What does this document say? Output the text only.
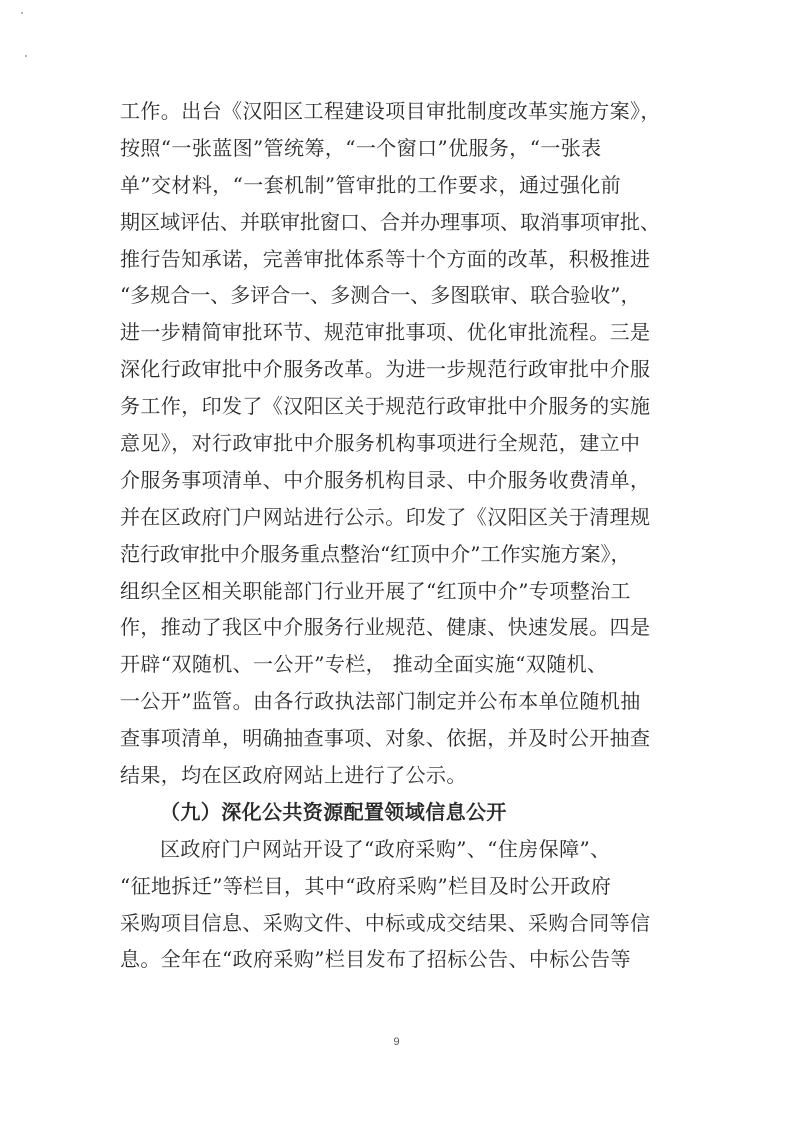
工作。出台《汉阳区工程建设项目审批制度改革实施方案》，
按照“一张蓝图”管统筹，“一个窗口”优服务，“一张表
单”交材料，“一套机制”管审批的工作要求，通过强化前
期区域评估、并联审批窗口、合并办理事项、取消事项审批、
推行告知承诺，完善审批体系等十个方面的改革，积极推进
“多规合一、多评合一、多测合一、多图联审、联合验收”，
进一步精简审批环节、规范审批事项、优化审批流程。三是
深化行政审批中介服务改革。为进一步规范行政审批中介服
务工作，印发了《汉阳区关于规范行政审批中介服务的实施
意见》，对行政审批中介服务机构事项进行全规范，建立中
介服务事项清单、中介服务机构目录、中介服务收费清单，
并在区政府门户网站进行公示。印发了《汉阳区关于清理规
范行政审批中介服务重点整治“红顶中介”工作实施方案》，
组织全区相关职能部门行业开展了“红顶中介”专项整治工
作，推动了我区中介服务行业规范、健康、快速发展。四是
开辟“双随机、一公开”专栏， 推动全面实施“双随机、
一公开”监管。由各行政执法部门制定并公布本单位随机抽
查事项清单，明确抽查事项、对象、依据，并及时公开抽查
结果，均在区政府网站上进行了公示。
（九）深化公共资源配置领域信息公开
区政府门户网站开设了“政府采购”、“住房保障”、
“征地拆迁”等栏目，其中“政府采购”栏目及时公开政府
采购项目信息、采购文件、中标或成交结果、采购合同等信
息。全年在“政府采购”栏目发布了招标公告、中标公告等
9
